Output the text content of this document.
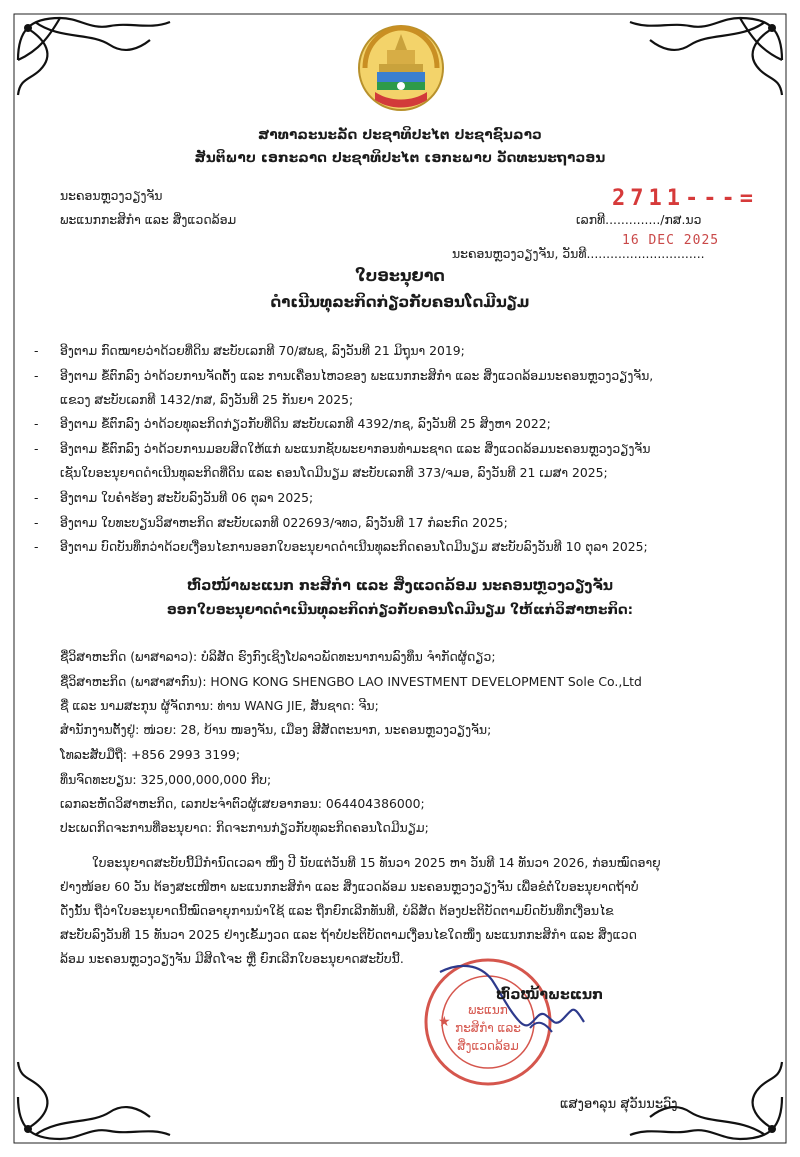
ສາທາລະນະລັດ ປະຊາທິປະໄຕ ປະຊາຊົນລາວ
ສັນຕິພາບ ເອກະລາດ ປະຊາທິປະໄຕ ເອກະພາບ ວັດທະນະຖາວອນ
ນະຄອນຫຼວງວຽງຈັນ
ພະແນກກະສິກໍາ ແລະ ສິ່ງແວດລ້ອມ
2711---=
ເລກທີ............../ກສ.ນວ
16 DEC 2025
ນະຄອນຫຼວງວຽງຈັນ, ວັນທີ..............................
ໃບອະນຸຍາດ
ດໍາເນີນທຸລະກິດກ່ຽວກັບຄອນໂດມີນຽມ
- ອີງຕາມ ກົດໝາຍວ່າດ້ວຍທີ່ດິນ ສະບັບເລກທີ 70/ສພຊ, ລົງວັນທີ 21 ມິຖຸນາ 2019;
- ອີງຕາມ ຂໍ້ຕົກລົງ ວ່າດ້ວຍການຈັດຕັ້ງ ແລະ ການເຄື່ອນໄຫວຂອງ ພະແນກກະສິກໍາ ແລະ ສິ່ງແວດລ້ອມນະຄອນຫຼວງວຽງຈັນ,
ແຂວງ ສະບັບເລກທີ 1432/ກສ, ລົງວັນທີ 25 ກັນຍາ 2025;
- ອີງຕາມ ຂໍ້ຕົກລົງ ວ່າດ້ວຍທຸລະກິດກ່ຽວກັບທີ່ດິນ ສະບັບເລກທີ 4392/ກຊ, ລົງວັນທີ 25 ສິງຫາ 2022;
- ອີງຕາມ ຂໍ້ຕົກລົງ ວ່າດ້ວຍການມອບສິດໃຫ້ແກ່ ພະແນກຊັບພະຍາກອນທໍາມະຊາດ ແລະ ສິ່ງແວດລ້ອມນະຄອນຫຼວງວຽງຈັນ
ເຊັນໃບອະນຸຍາດດໍາເນີນທຸລະກິດທີ່ດິນ ແລະ ຄອນໂດມີນຽມ ສະບັບເລກທີ 373/ຈມອ, ລົງວັນທີ 21 ເມສາ 2025;
- ອີງຕາມ ໃບຄໍາຮ້ອງ ສະບັບລົງວັນທີ 06 ຕຸລາ 2025;
- ອີງຕາມ ໃບທະບຽນວິສາຫະກິດ ສະບັບເລກທີ 022693/ຈທວ, ລົງວັນທີ 17 ກໍລະກົດ 2025;
- ອີງຕາມ ບົດບັນທຶກວ່າດ້ວຍເງື່ອນໄຂການອອກໃບອະນຸຍາດດໍາເນີນທຸລະກິດຄອນໂດມີນຽມ ສະບັບລົງວັນທີ 10 ຕຸລາ 2025;
ຫົວໜ້າພະແນກ ກະສິກໍາ ແລະ ສິ່ງແວດລ້ອມ ນະຄອນຫຼວງວຽງຈັນ
ອອກໃບອະນຸຍາດດໍາເນີນທຸລະກິດກ່ຽວກັບຄອນໂດມີນຽມ ໃຫ້ແກ່ວິສາຫະກິດ:
ຊື່ວິສາຫະກິດ (ພາສາລາວ): ບໍລິສັດ ຮົງກົງເຊິງໂປລາວພັດທະນາການລົງທຶນ ຈໍາກັດຜູ້ດຽວ;
ຊື່ວິສາຫະກິດ (ພາສາສາກົນ): HONG KONG SHENGBO LAO INVESTMENT DEVELOPMENT Sole Co.,Ltd
ຊື່ ແລະ ນາມສະກຸນ ຜູ້ຈັດການ: ທ່ານ WANG JIE, ສັນຊາດ: ຈີນ;
ສໍານັກງານຕັ້ງຢູ່: ໜ່ວຍ: 28, ບ້ານ ໜອງຈັນ, ເມືອງ ສີສັດຕະນາກ, ນະຄອນຫຼວງວຽງຈັນ;
ໂທລະສັບມືຖື: +856 2993 3199;
ທຶນຈົດທະບຽນ: 325,000,000,000 ກີບ;
ເລກລະຫັດວິສາຫະກິດ, ເລກປະຈໍາຕົວຜູ້ເສຍອາກອນ: 064404386000;
ປະເພດກິດຈະການທີ່ອະນຸຍາດ: ກິດຈະການກ່ຽວກັບທຸລະກິດຄອນໂດມີນຽມ;
ໃບອະນຸຍາດສະບັບນີ້ມີກໍານົດເວລາ ໜຶ່ງ ປີ ນັບແຕ່ວັນທີ 15 ທັນວາ 2025 ຫາ ວັນທີ 14 ທັນວາ 2026, ກ່ອນໝົດອາຍຸ
ຢ່າງໜ້ອຍ 60 ວັນ ຕ້ອງສະເໜີຫາ ພະແນກກະສິກໍາ ແລະ ສິ່ງແວດລ້ອມ ນະຄອນຫຼວງວຽງຈັນ ເພື່ອຂໍຕໍ່ໃບອະນຸຍາດຖ້າບໍ່
ດັ່ງນັ້ນ ຖືວ່າໃບອະນຸຍາດນີ້ໝົດອາຍຸການນໍາໃຊ້ ແລະ ຖືກຍົກເລີກທັນທີ, ບໍລິສັດ ຕ້ອງປະຕິບັດຕາມບົດບັນທຶກເງື່ອນໄຂ
ສະບັບລົງວັນທີ 15 ທັນວາ 2025 ຢ່າງເຂັ້ມງວດ ແລະ ຖ້າບໍ່ປະຕິບັດຕາມເງື່ອນໄຂໃດໜຶ່ງ ພະແນກກະສິກໍາ ແລະ ສິ່ງແວດ
ລ້ອມ ນະຄອນຫຼວງວຽງຈັນ ມີສິດໂຈະ ຫຼື ຍົກເລີກໃບອະນຸຍາດສະບັບນີ້.
ພະແນກ
ກະສິກໍາ ແລະ
ສິ່ງແວດລ້ອມ
★
ຫົວໜ້າພະແນກ
ແສງອາລຸນ ສຸວັນນະວົງ
